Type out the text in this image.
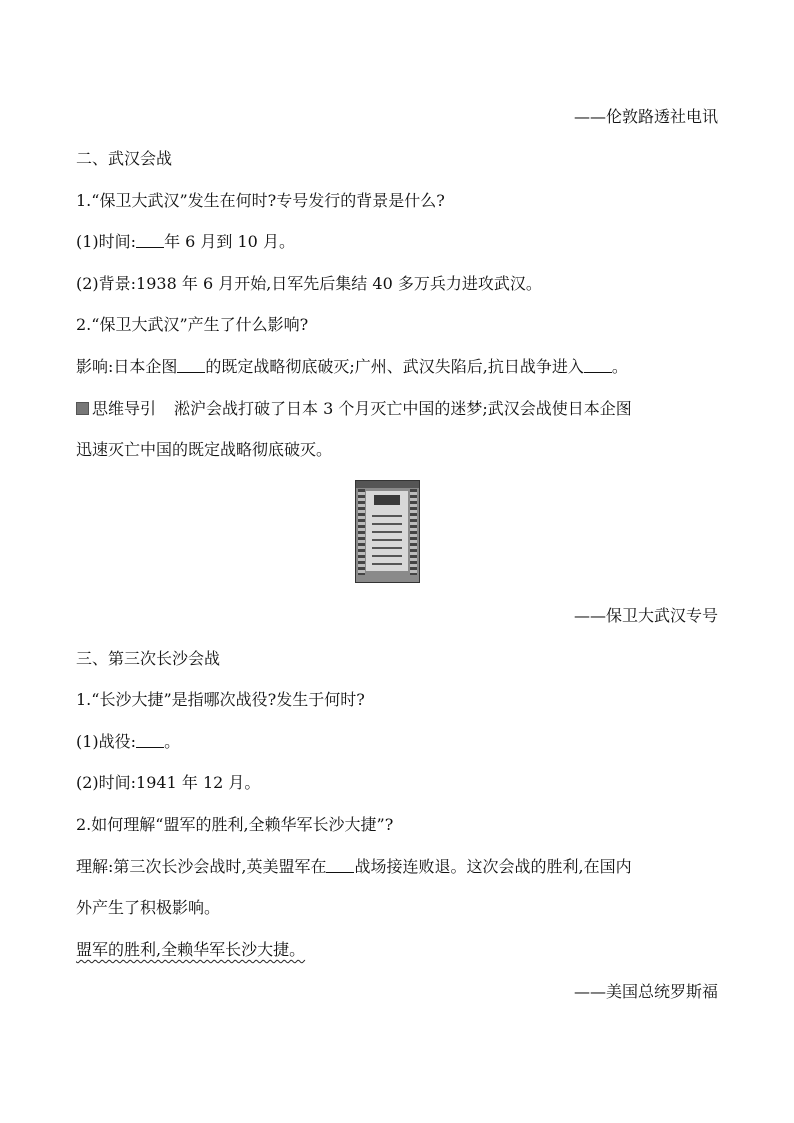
——伦敦路透社电讯
二、武汉会战
1.“保卫大武汉”发生在何时?专号发行的背景是什么?
(1)时间: 年 6 月到 10 月。
(2)背景:1938 年 6 月开始,日军先后集结 40 多万兵力进攻武汉。
2.“保卫大武汉”产生了什么影响?
影响:日本企图 的既定战略彻底破灭;广州、武汉失陷后,抗日战争进入 。
思维导引 淞沪会战打破了日本 3 个月灭亡中国的迷梦;武汉会战使日本企图
迅速灭亡中国的既定战略彻底破灭。
——保卫大武汉专号
三、第三次长沙会战
1.“长沙大捷”是指哪次战役?发生于何时?
(1)战役: 。
(2)时间:1941 年 12 月。
2.如何理解“盟军的胜利,全赖华军长沙大捷”?
理解:第三次长沙会战时,英美盟军在 战场接连败退。这次会战的胜利,在国内
外产生了积极影响。
盟军的胜利,全赖华军长沙大捷。
——美国总统罗斯福
